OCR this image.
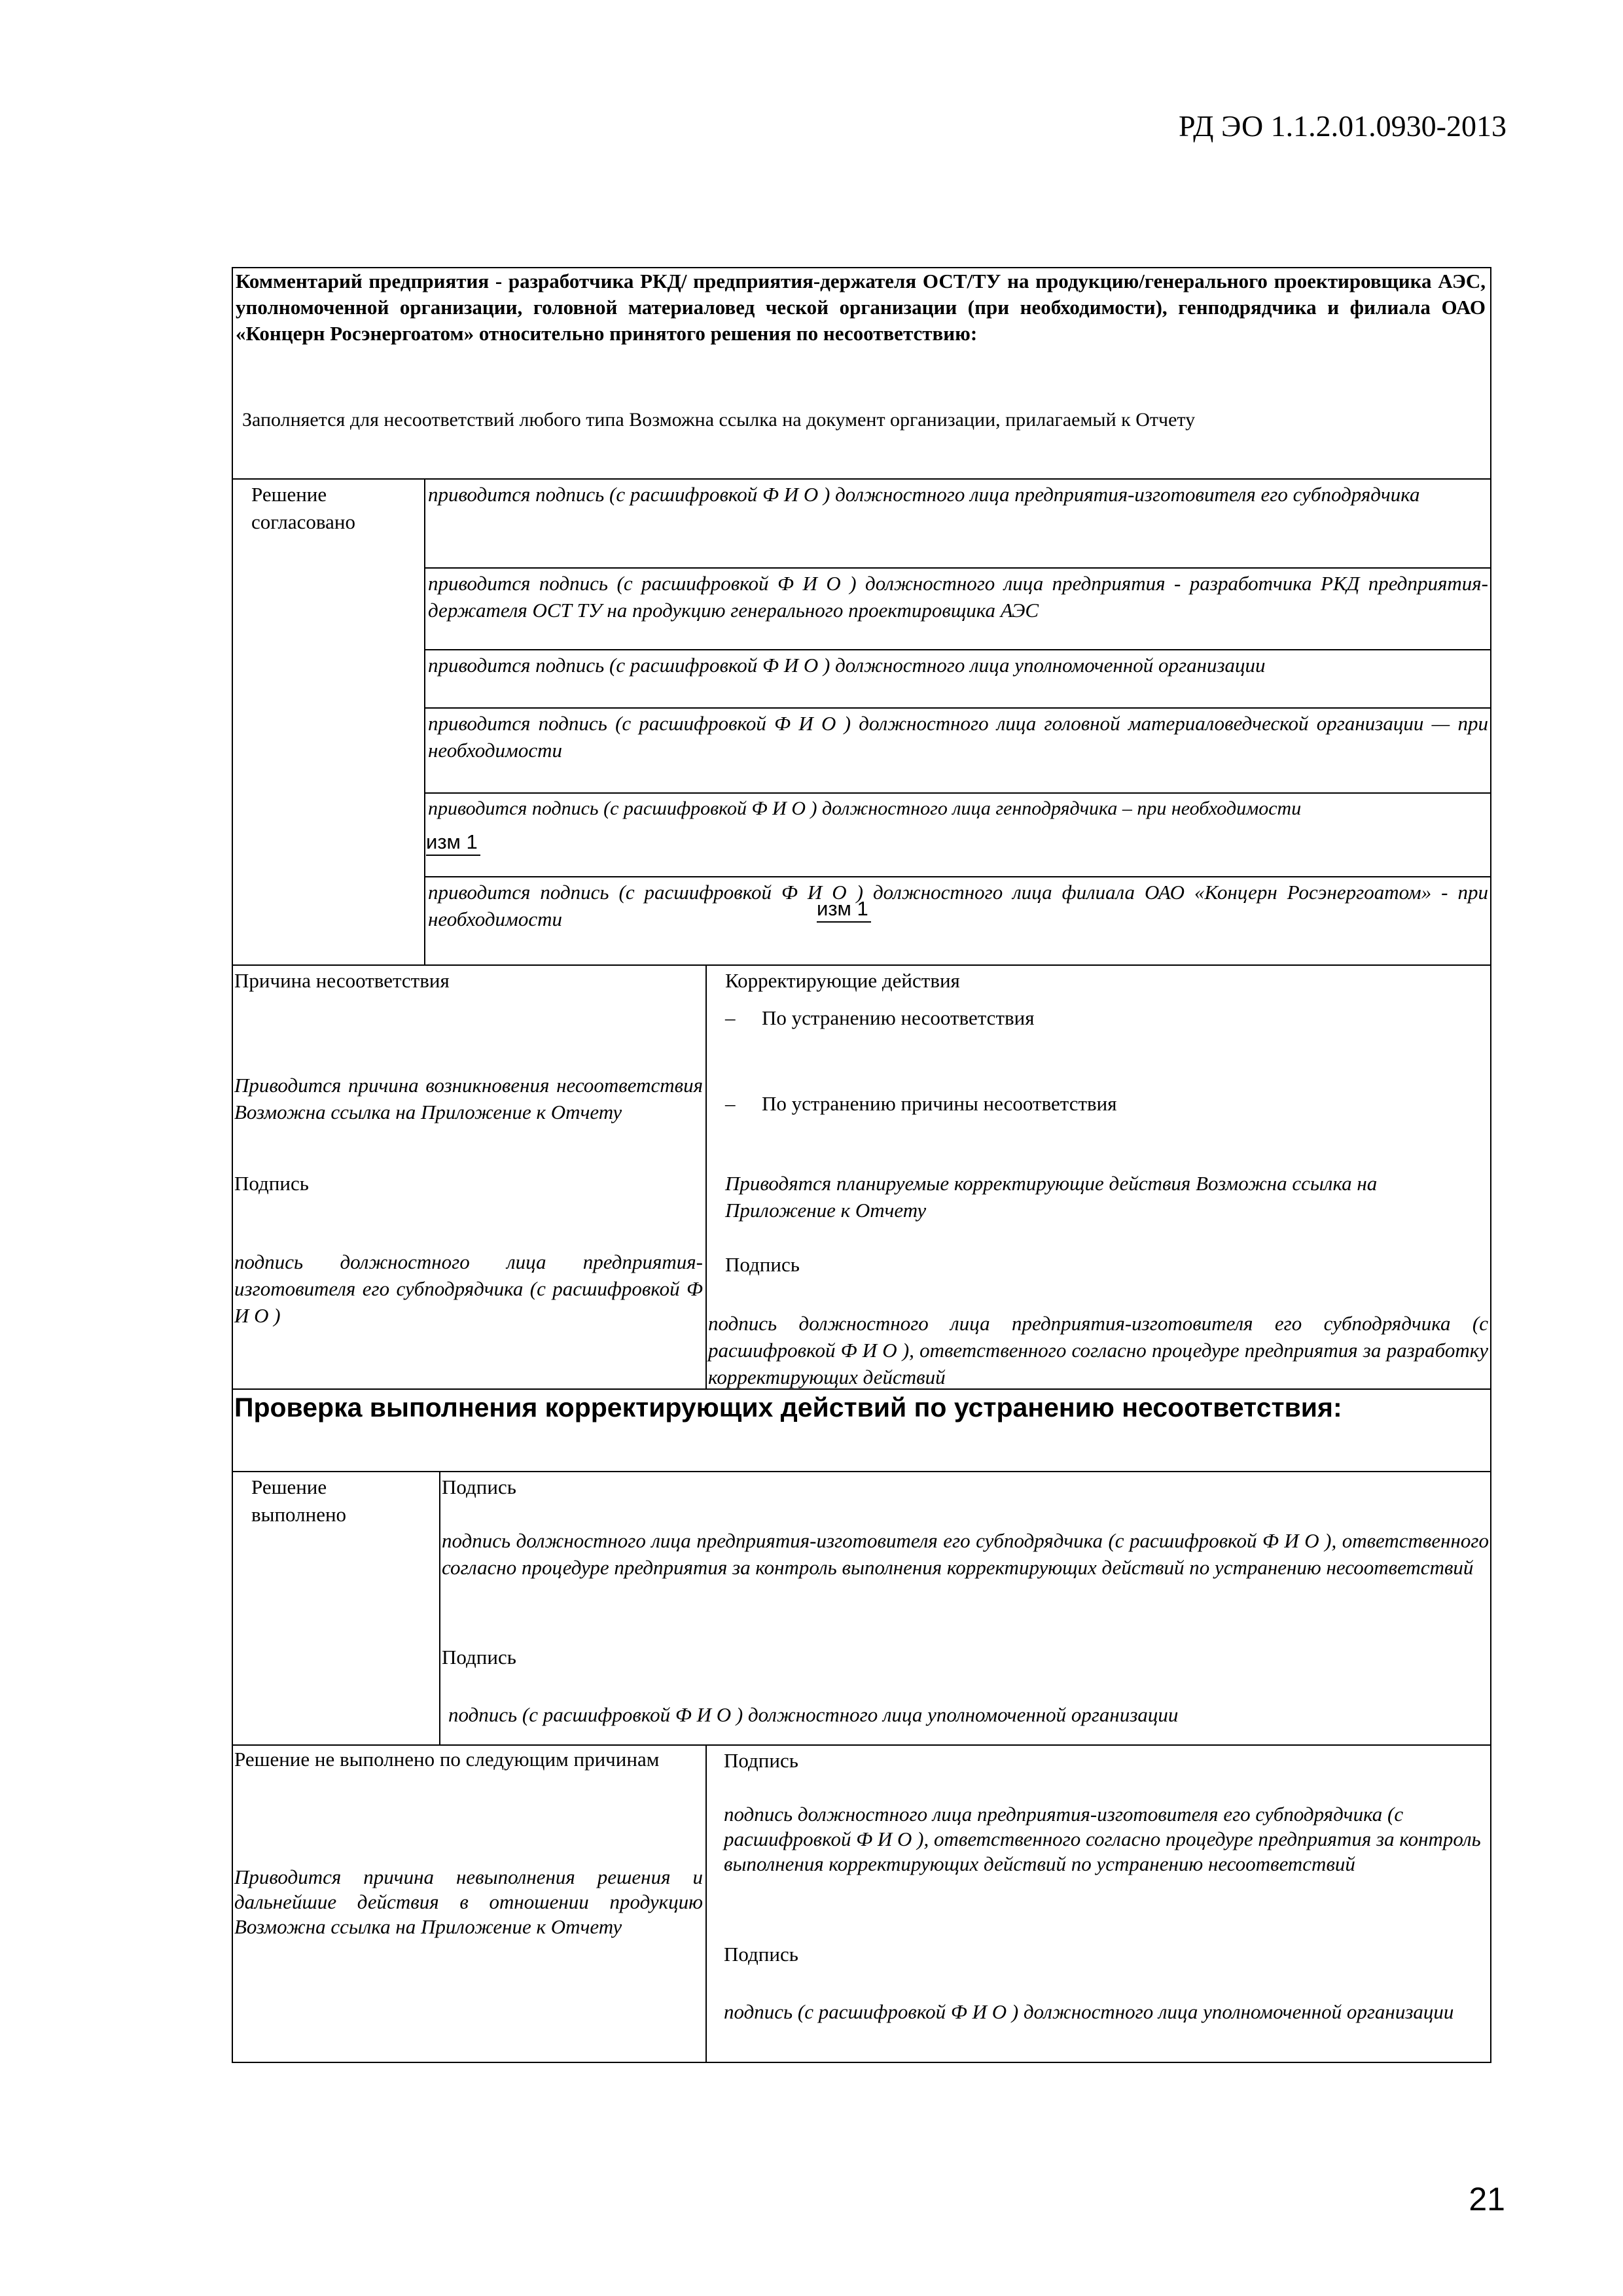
РД ЭО 1.1.2.01.0930-2013
Комментарий предприятия - разработчика РКД/ предприятия-держателя ОСТ/ТУ на продукцию/генерального проектировщика АЭС, уполномоченной организации, головной материаловед ческой организации (при необходимости), генподрядчика и филиала ОАО «Концерн Росэнергоатом» относительно принятого решения по несоответствию:
Заполняется для несоответствий любого типа Возможна ссылка на документ организации, прилагаемый к Отчету
Решение согласовано
приводится подпись (с расшифровкой Ф И О ) должностного лица предприятия-изготовителя его субподрядчика
приводится подпись (с расшифровкой Ф И О ) должностного лица предприятия - разработчика РКД предприятия-держателя ОСТ ТУ на продукцию генерального проектировщика АЭС
приводится подпись (с расшифровкой Ф И О ) должностного лица уполномоченной организации
приводится подпись (с расшифровкой Ф И О ) должностного лица головной материаловедческой организации — при необходимости
приводится подпись (с расшифровкой Ф И О ) должностного лица генподрядчика – при необходимости
изм 1
приводится подпись (с расшифровкой Ф И О ) должностного лица филиала ОАО «Концерн Росэнергоатом» - при необходимости	изм 1
Причина несоответствия
Приводится причина возникновения несоответствия Возможна ссылка на Приложение к Отчету
Подпись
подпись должностного лица предприятия-изготовителя его субподрядчика (с расшифровкой Ф И О )
Корректирующие действия
– По устранению несоответствия
– По устранению причины несоответствия
Приводятся планируемые корректирующие действия Возможна ссылка на Приложение к Отчету
Подпись
подпись должностного лица предприятия-изготовителя его субподрядчика (с расшифровкой Ф И О ), ответственного согласно процедуре предприятия за разработку корректирующих действий
Проверка выполнения корректирующих действий по устранению несоответствия:
Решение выполнено
Подпись
подпись должностного лица предприятия-изготовителя его субподрядчика (с расшифровкой Ф И О ), ответственного согласно процедуре предприятия за контроль выполнения корректирующих действий по устранению несоответствий
Подпись
подпись (с расшифровкой Ф И О ) должностного лица уполномоченной организации
Решение не выполнено по следующим причинам
Приводится причина невыполнения решения и дальнейшие действия в отношении продукцию Возможна ссылка на Приложение к Отчету
Подпись
подпись должностного лица предприятия-изготовителя его субподрядчика (с расшифровкой Ф И О ), ответственного согласно процедуре предприятия за контроль выполнения корректирующих действий по устранению несоответствий
Подпись
подпись (с расшифровкой Ф И О ) должностного лица уполномоченной организации
21
